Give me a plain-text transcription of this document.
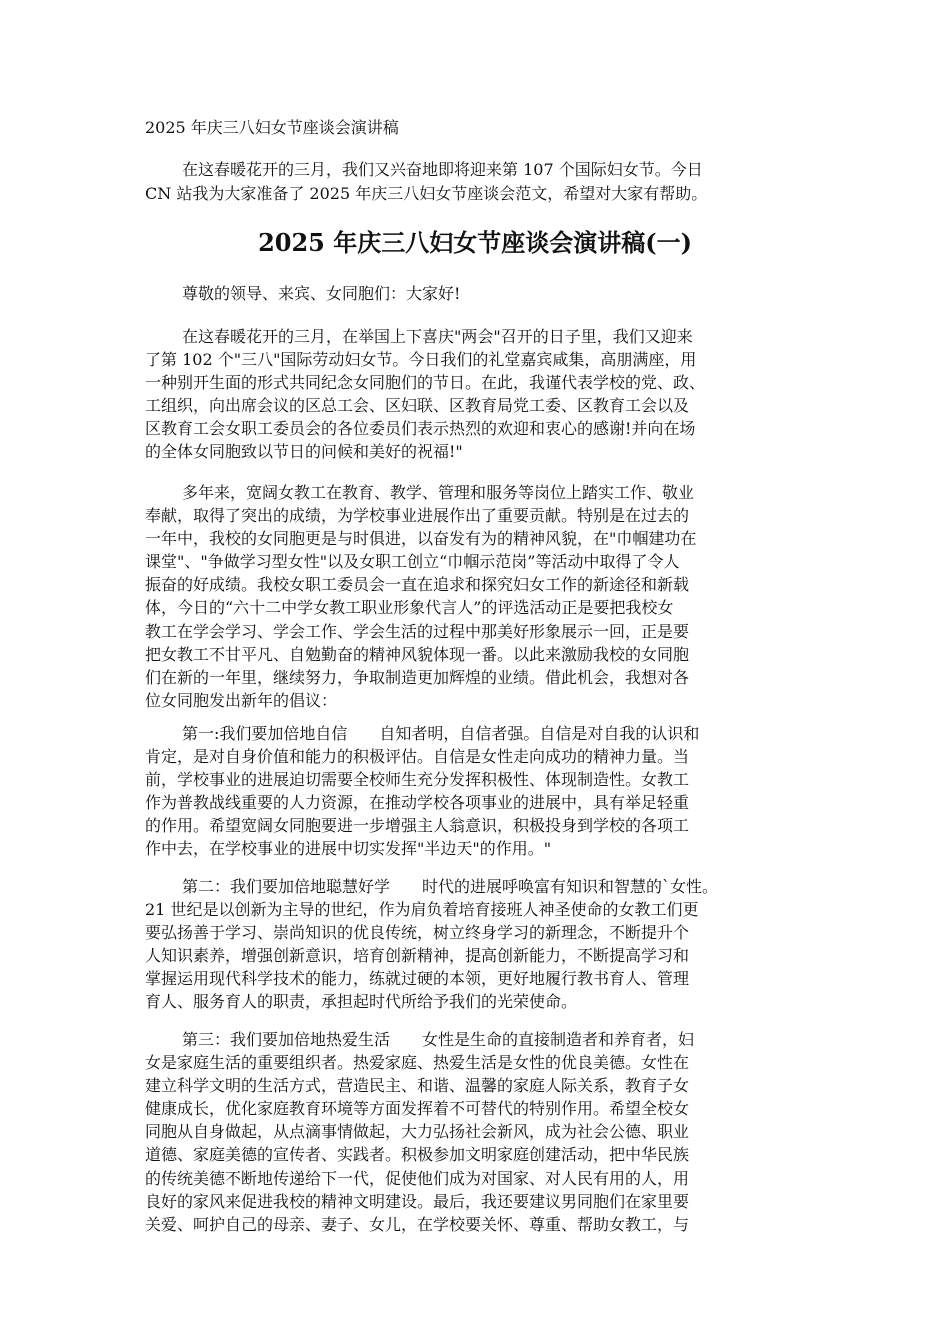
2025 年庆三八妇女节座谈会演讲稿

在这春暖花开的三月，我们又兴奋地即将迎来第 107 个国际妇女节。今日
CN 站我为大家准备了 2025 年庆三八妇女节座谈会范文，希望对大家有帮助。

2025 年庆三八妇女节座谈会演讲稿(一)

尊敬的领导、来宾、女同胞们：大家好!

在这春暖花开的三月，在举国上下喜庆"两会"召开的日子里，我们又迎来
了第 102 个"三八"国际劳动妇女节。今日我们的礼堂嘉宾咸集，高朋满座，用
一种别开生面的形式共同纪念女同胞们的节日。在此，我谨代表学校的党、政、
工组织，向出席会议的区总工会、区妇联、区教育局党工委、区教育工会以及
区教育工会女职工委员会的各位委员们表示热烈的欢迎和衷心的感谢!并向在场
的全体女同胞致以节日的问候和美好的祝福!"

多年来，宽阔女教工在教育、教学、管理和服务等岗位上踏实工作、敬业
奉献，取得了突出的成绩，为学校事业进展作出了重要贡献。特别是在过去的
一年中，我校的女同胞更是与时俱进，以奋发有为的精神风貌，在"巾帼建功在
课堂"、"争做学习型女性"以及女职工创立“巾帼示范岗”等活动中取得了令人
振奋的好成绩。我校女职工委员会一直在追求和探究妇女工作的新途径和新载
体，今日的“六十二中学女教工职业形象代言人”的评选活动正是要把我校女
教工在学会学习、学会工作、学会生活的过程中那美好形象展示一回，正是要
把女教工不甘平凡、自勉勤奋的精神风貌体现一番。以此来激励我校的女同胞
们在新的一年里，继续努力，争取制造更加辉煌的业绩。借此机会，我想对各
位女同胞发出新年的倡议：

第一:我们要加倍地自信　　自知者明，自信者强。自信是对自我的认识和
肯定，是对自身价值和能力的积极评估。自信是女性走向成功的精神力量。当
前，学校事业的进展迫切需要全校师生充分发挥积极性、体现制造性。女教工
作为普教战线重要的人力资源，在推动学校各项事业的进展中，具有举足轻重
的作用。希望宽阔女同胞要进一步增强主人翁意识，积极投身到学校的各项工
作中去，在学校事业的进展中切实发挥"半边天"的作用。"

第二：我们要加倍地聪慧好学　　时代的进展呼唤富有知识和智慧的`女性。
21 世纪是以创新为主导的世纪，作为肩负着培育接班人神圣使命的女教工们更
要弘扬善于学习、崇尚知识的优良传统，树立终身学习的新理念，不断提升个
人知识素养，增强创新意识，培育创新精神，提高创新能力，不断提高学习和
掌握运用现代科学技术的能力，练就过硬的本领，更好地履行教书育人、管理
育人、服务育人的职责，承担起时代所给予我们的光荣使命。

第三：我们要加倍地热爱生活　　女性是生命的直接制造者和养育者，妇
女是家庭生活的重要组织者。热爱家庭、热爱生活是女性的优良美德。女性在
建立科学文明的生活方式，营造民主、和谐、温馨的家庭人际关系，教育子女
健康成长，优化家庭教育环境等方面发挥着不可替代的特别作用。希望全校女
同胞从自身做起，从点滴事情做起，大力弘扬社会新风，成为社会公德、职业
道德、家庭美德的宣传者、实践者。积极参加文明家庭创建活动，把中华民族
的传统美德不断地传递给下一代，促使他们成为对国家、对人民有用的人，用
良好的家风来促进我校的精神文明建设。最后，我还要建议男同胞们在家里要
关爱、呵护自己的母亲、妻子、女儿，在学校要关怀、尊重、帮助女教工，与
